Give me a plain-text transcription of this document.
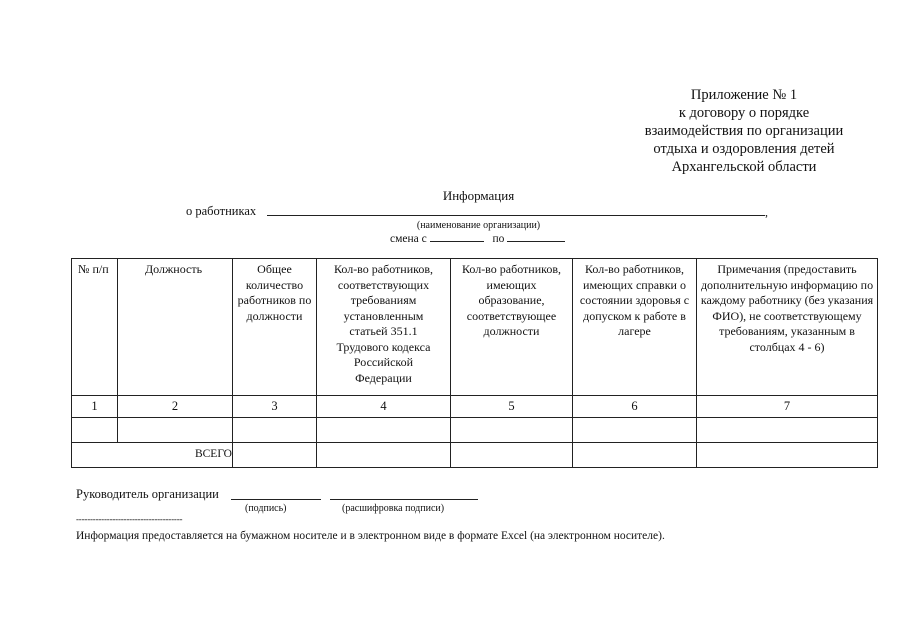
Приложение № 1
к договору о порядке
взаимодействия по организации
отдыха и оздоровления детей
Архангельской области
Информация
о работниках	,
(наименование организации)
смена с	по
№ п/п	Должность	Общее количество работников по должности	Кол-во работников, соответствующих требованиям установленным статьей 351.1 Трудового кодекса Российской Федерации	Кол-во работников, имеющих образование, соответствующее должности	Кол-во работников, имеющих справки о состоянии здоровья с допуском к работе в лагере	Примечания (предоставить дополнительную информацию по каждому работнику (без указания ФИО), не соответствующему требованиям, указанным в столбцах 4 - 6)
1	2	3	4	5	6	7

ВСЕГО						
Руководитель организации
(подпись)	(расшифровка подписи)
--------------------------------------
Информация предоставляется на бумажном носителе и в электронном виде в формате Excel (на электронном носителе).
